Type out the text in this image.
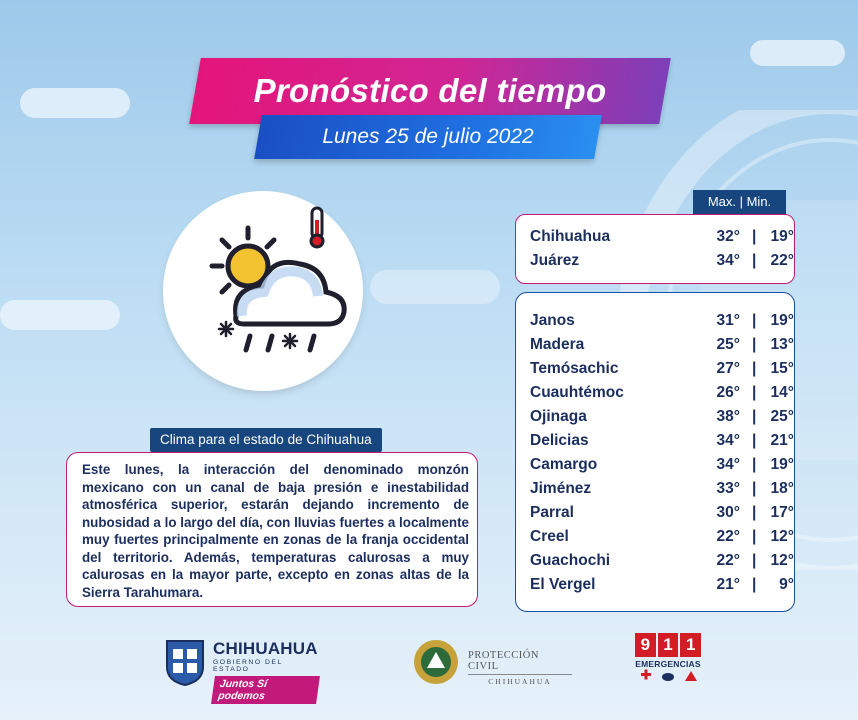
Pronóstico del tiempo
Lunes 25 de julio 2022
Clima para el estado de Chihuahua

Este lunes, la interacción del denominado monzón mexicano con un canal de baja presión e inestabilidad atmosférica superior, estarán dejando incremento de nubosidad a lo largo del día, con lluvias fuertes a localmente muy fuertes principalmente en zonas de la franja occidental del territorio. Además, temperaturas calurosas a muy calurosas en la mayor parte, excepto en zonas altas de la Sierra Tarahumara.

Max. | Min.
Chihuahua	32° | 19°
Juárez	34° | 22°
Janos	31° | 19°
Madera	25° | 13°
Temósachic	27° | 15°
Cuauhtémoc	26° | 14°
Ojinaga	38° | 25°
Delicias	34° | 21°
Camargo	34° | 19°
Jiménez	33° | 18°
Parral	30° | 17°
Creel	22° | 12°
Guachochi	22° | 12°
El Vergel	21° |	9°
CHIHUAHUA
GOBIERNO DEL ESTADO
Juntos Sí podemos
PROTECCIÓN CIVIL
CHIHUAHUA
9 1 1
EMERGENCIAS
